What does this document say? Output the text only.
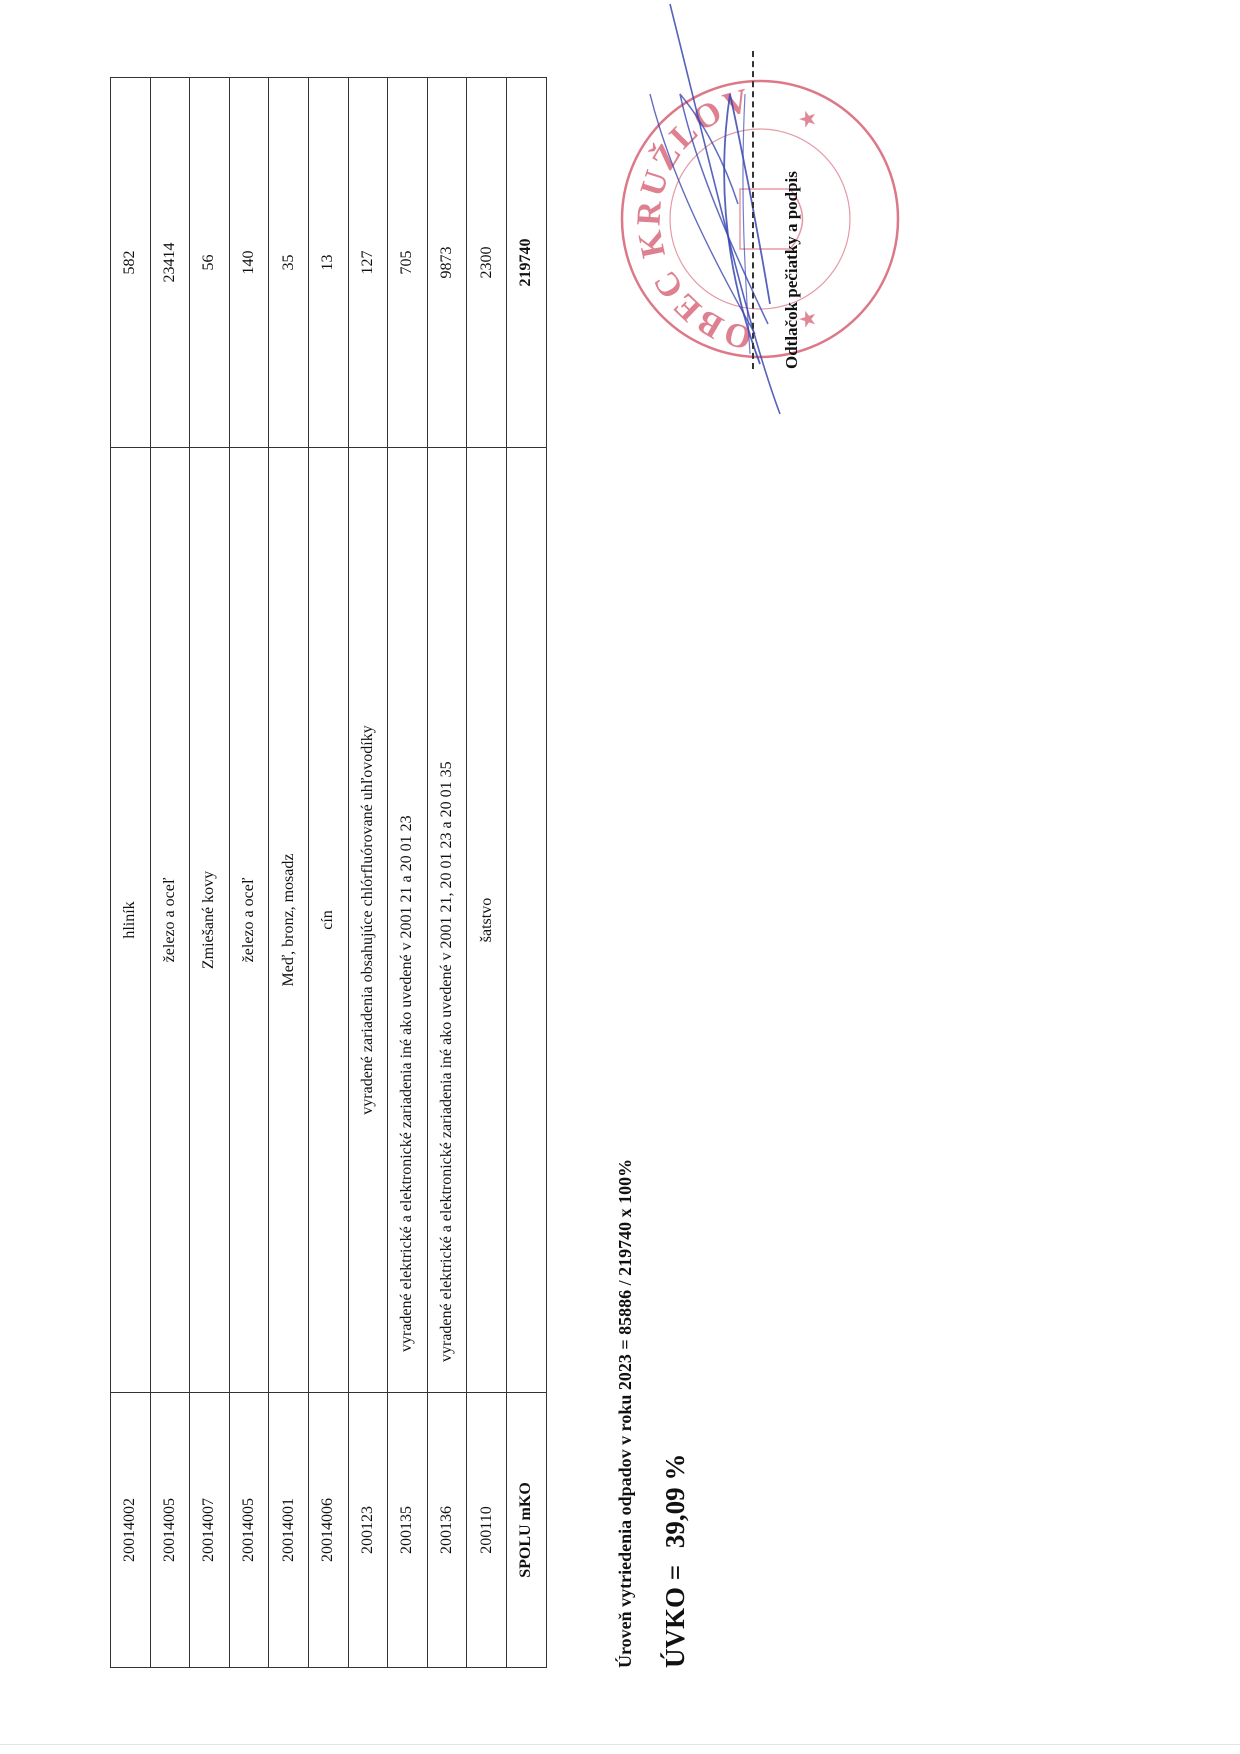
20014002	hliník	582
20014005	železo a oceľ	23414
20014007	Zmiešané kovy	56
20014005	železo a oceľ	140
20014001	Meď, bronz, mosadz	35
20014006	cín	13
200123	vyradené zariadenia obsahujúce chlórfluórované uhľovodíky	127
200135	vyradené elektrické a elektronické zariadenia iné ako uvedené v 2001 21 a 20 01 23	705
200136	vyradené elektrické a elektronické zariadenia iné ako uvedené v 2001 21, 20 01 23 a 20 01 35	9873
200110	šatstvo	2300
SPOLU mKO		219740
Úroveň vytriedenia odpadov v roku 2023 = 85886 / 219740 x 100% ÚVKO = 39,09 %
OBEC KRUŽLOV
★
★
Odtlačok pečiatky a podpis
